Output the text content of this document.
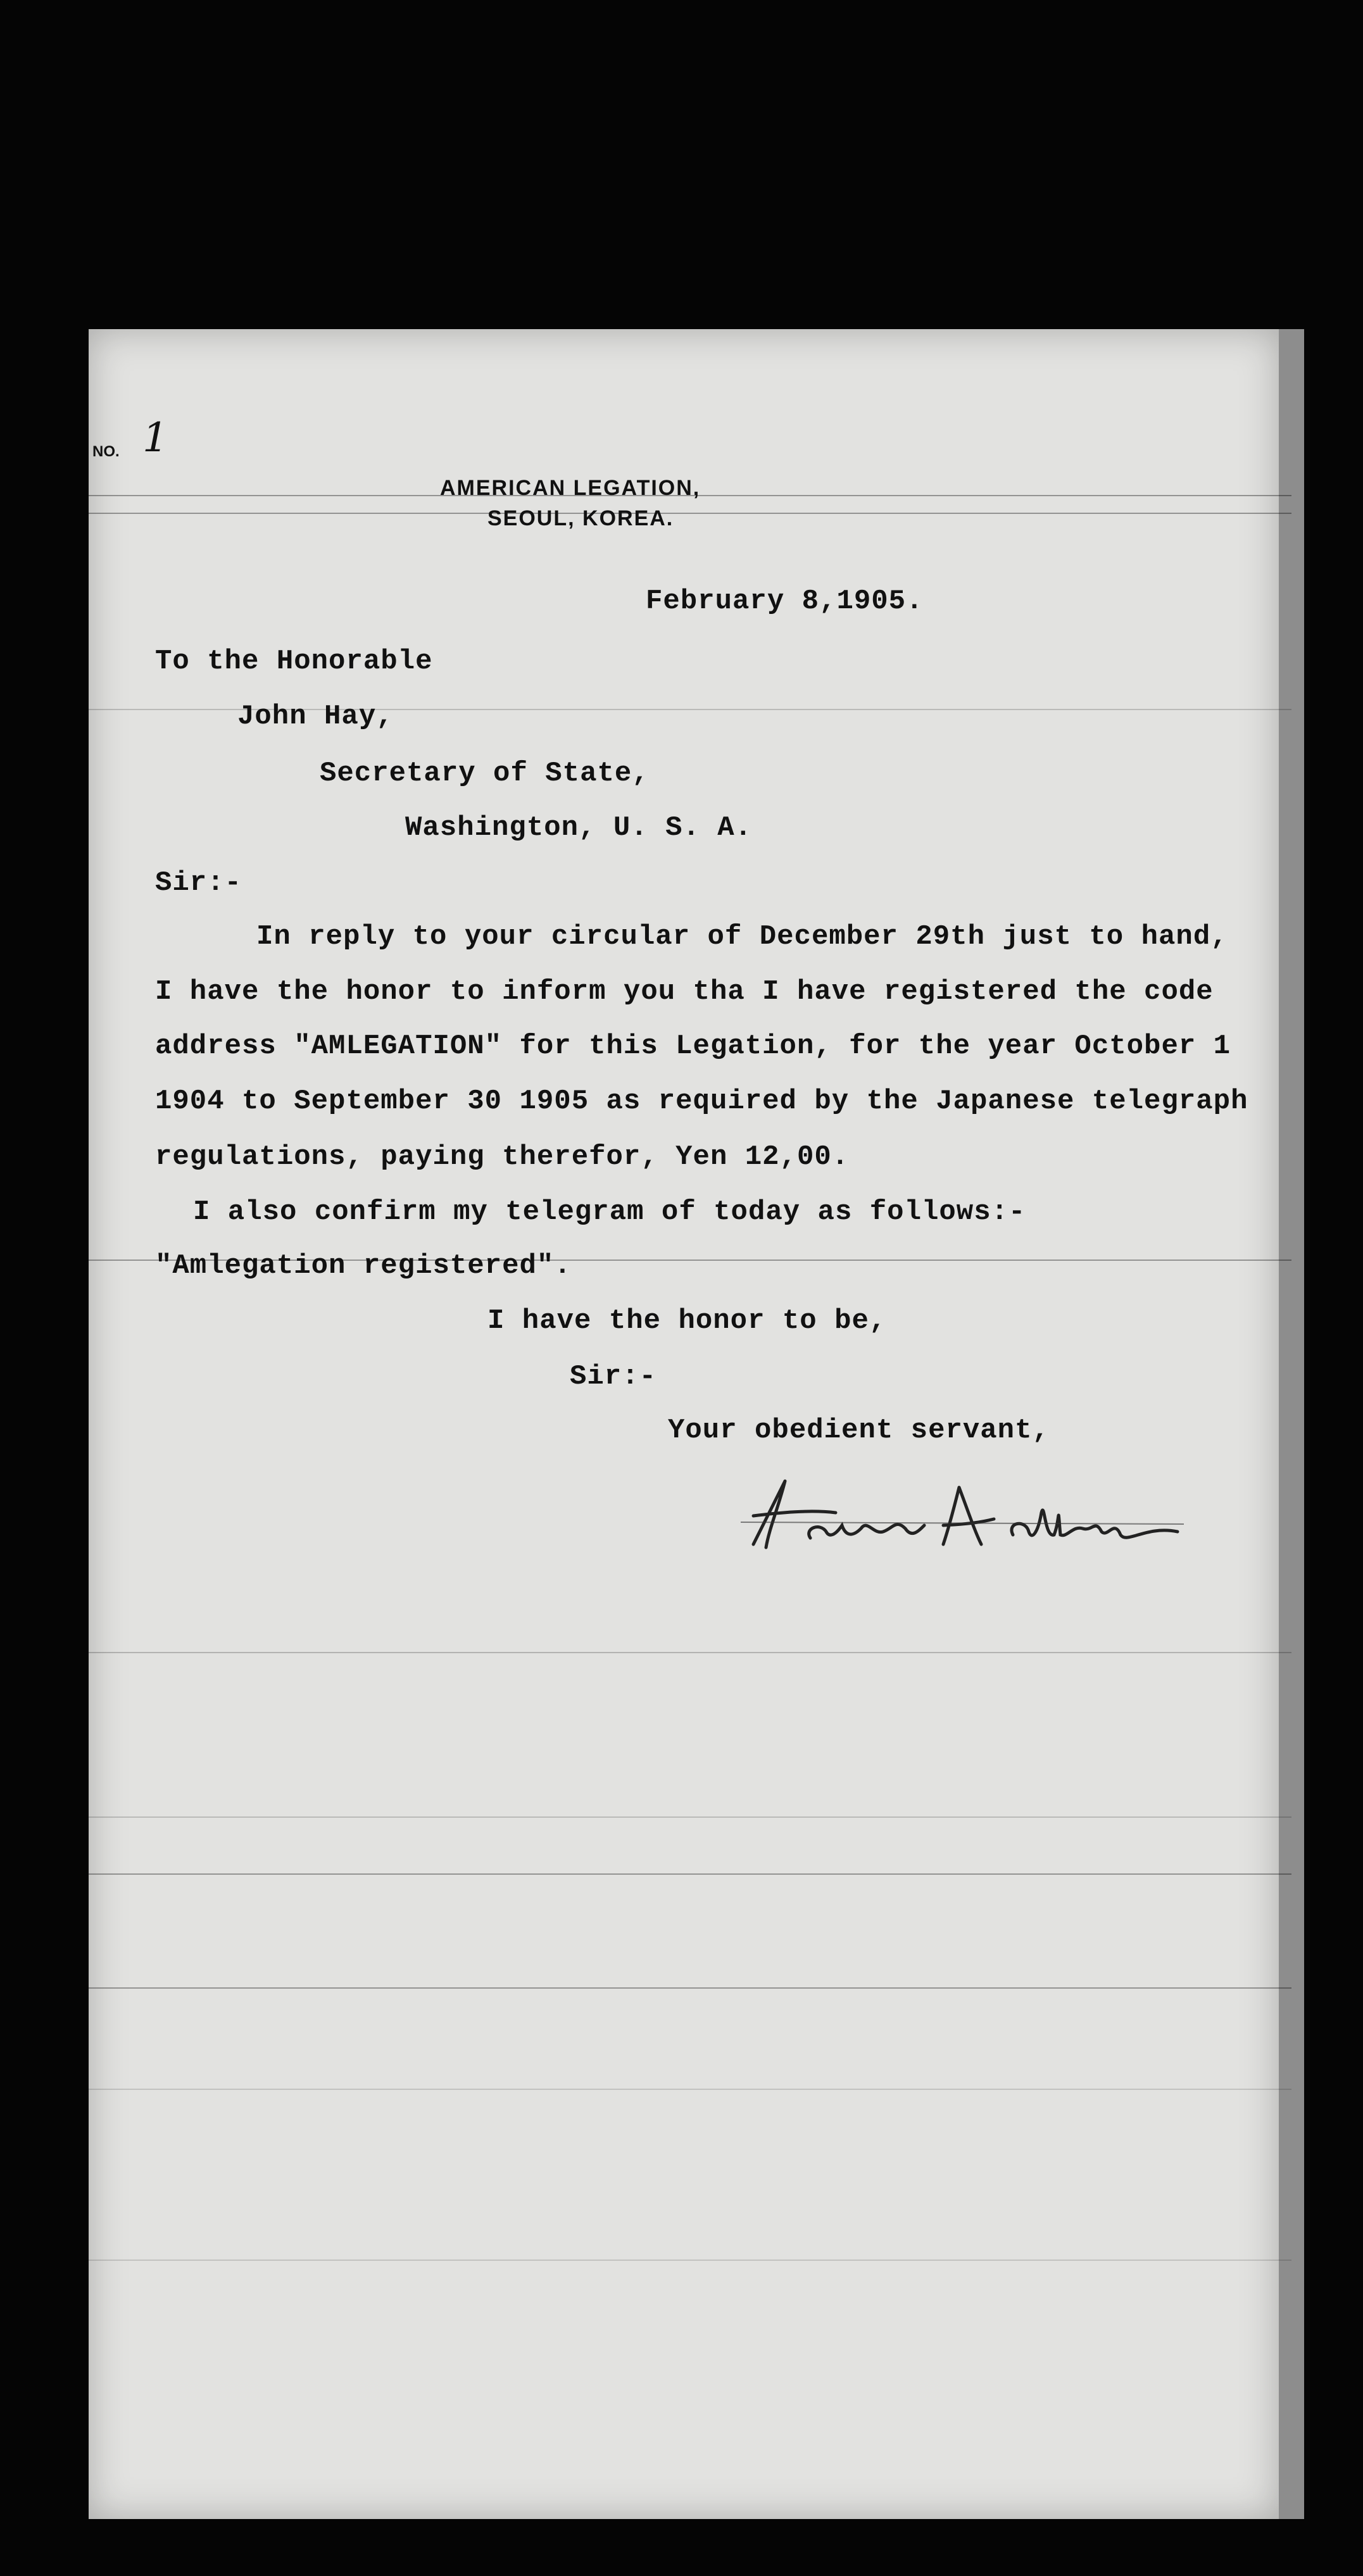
NO. 1
AMERICAN LEGATION,
SEOUL, KOREA.
February 8,1905.
To the Honorable
John Hay,
Secretary of State,
Washington, U. S. A.
Sir:-
In reply to your circular of December 29th just to hand,
I have the honor to inform you tha I have registered the code
address "AMLEGATION" for this Legation, for the year October 1
1904 to September 30 1905 as required by the Japanese telegraph
regulations, paying therefor, Yen 12,00.
I also confirm my telegram of today as follows:-
"Amlegation registered".
I have the honor to be,
Sir:-
Your obedient servant,
